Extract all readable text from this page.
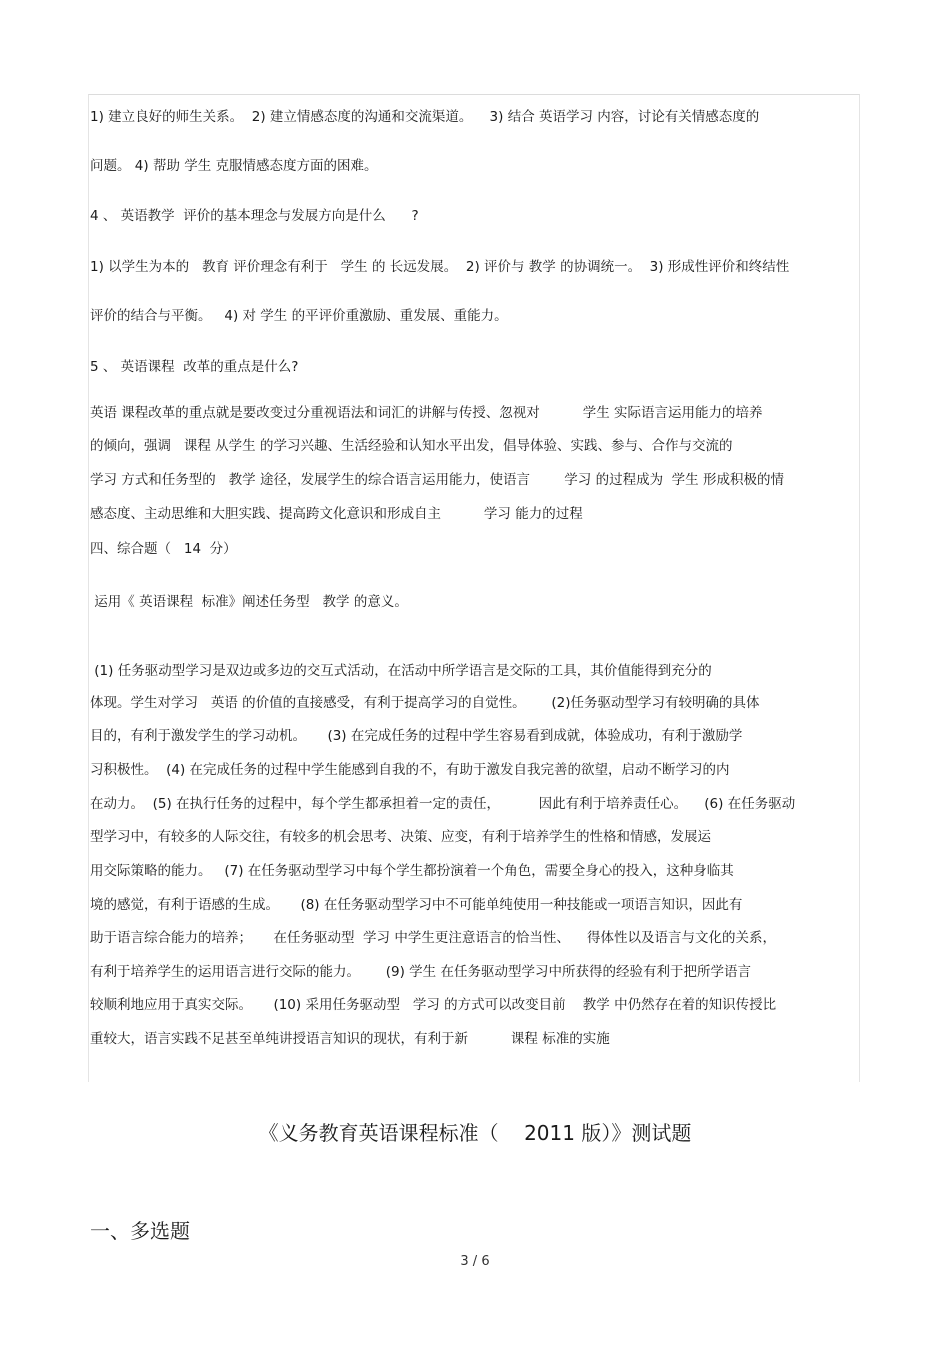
1) 建立良好的师生关系。  2) 建立情感态度的沟通和交流渠道。    3) 结合 英语学习 内容，讨论有关情感态度的
问题。 4) 帮助 学生 克服情感态度方面的困难。
4 、 英语教学  评价的基本理念与发展方向是什么      ?
1) 以学生为本的   教育 评价理念有利于   学生 的 长远发展。  2) 评价与 教学 的协调统一。  3) 形成性评价和终结性
评价的结合与平衡。   4) 对 学生 的平评价重激励、重发展、重能力。
5 、 英语课程  改革的重点是什么?
英语 课程改革的重点就是要改变过分重视语法和词汇的讲解与传授、忽视对          学生 实际语言运用能力的培养
的倾向，强调   课程 从学生 的学习兴趣、生活经验和认知水平出发，倡导体验、实践、参与、合作与交流的
学习 方式和任务型的   教学 途径，发展学生的综合语言运用能力，使语言        学习 的过程成为  学生 形成积极的情
感态度、主动思维和大胆实践、提高跨文化意识和形成自主          学习 能力的过程
四、综合题（   14  分）
运用《 英语课程  标准》阐述任务型   教学 的意义。
(1) 任务驱动型学习是双边或多边的交互式活动，在活动中所学语言是交际的工具，其价值能得到充分的
体现。学生对学习   英语 的价值的直接感受，有利于提高学习的自觉性。      (2)任务驱动型学习有较明确的具体
目的，有利于激发学生的学习动机。     (3) 在完成任务的过程中学生容易看到成就，体验成功，有利于激励学
习积极性。  (4) 在完成任务的过程中学生能感到自我的不，有助于激发自我完善的欲望，启动不断学习的内
在动力。  (5) 在执行任务的过程中，每个学生都承担着一定的责任，         因此有利于培养责任心。    (6) 在任务驱动
型学习中，有较多的人际交往，有较多的机会思考、决策、应变，有利于培养学生的性格和情感，发展运
用交际策略的能力。   (7) 在任务驱动型学习中每个学生都扮演着一个角色，需要全身心的投入，这种身临其
境的感觉，有利于语感的生成。     (8) 在任务驱动型学习中不可能单纯使用一种技能或一项语言知识，因此有
助于语言综合能力的培养；     在任务驱动型  学习 中学生更注意语言的恰当性、    得体性以及语言与文化的关系，
有利于培养学生的运用语言进行交际的能力。      (9) 学生 在任务驱动型学习中所获得的经验有利于把所学语言
较顺利地应用于真实交际。     (10) 采用任务驱动型   学习 的方式可以改变目前    教学 中仍然存在着的知识传授比
重较大，语言实践不足甚至单纯讲授语言知识的现状，有利于新          课程 标准的实施
《义务教育英语课程标准（    2011 版）》测试题
一、多选题
3 / 6
